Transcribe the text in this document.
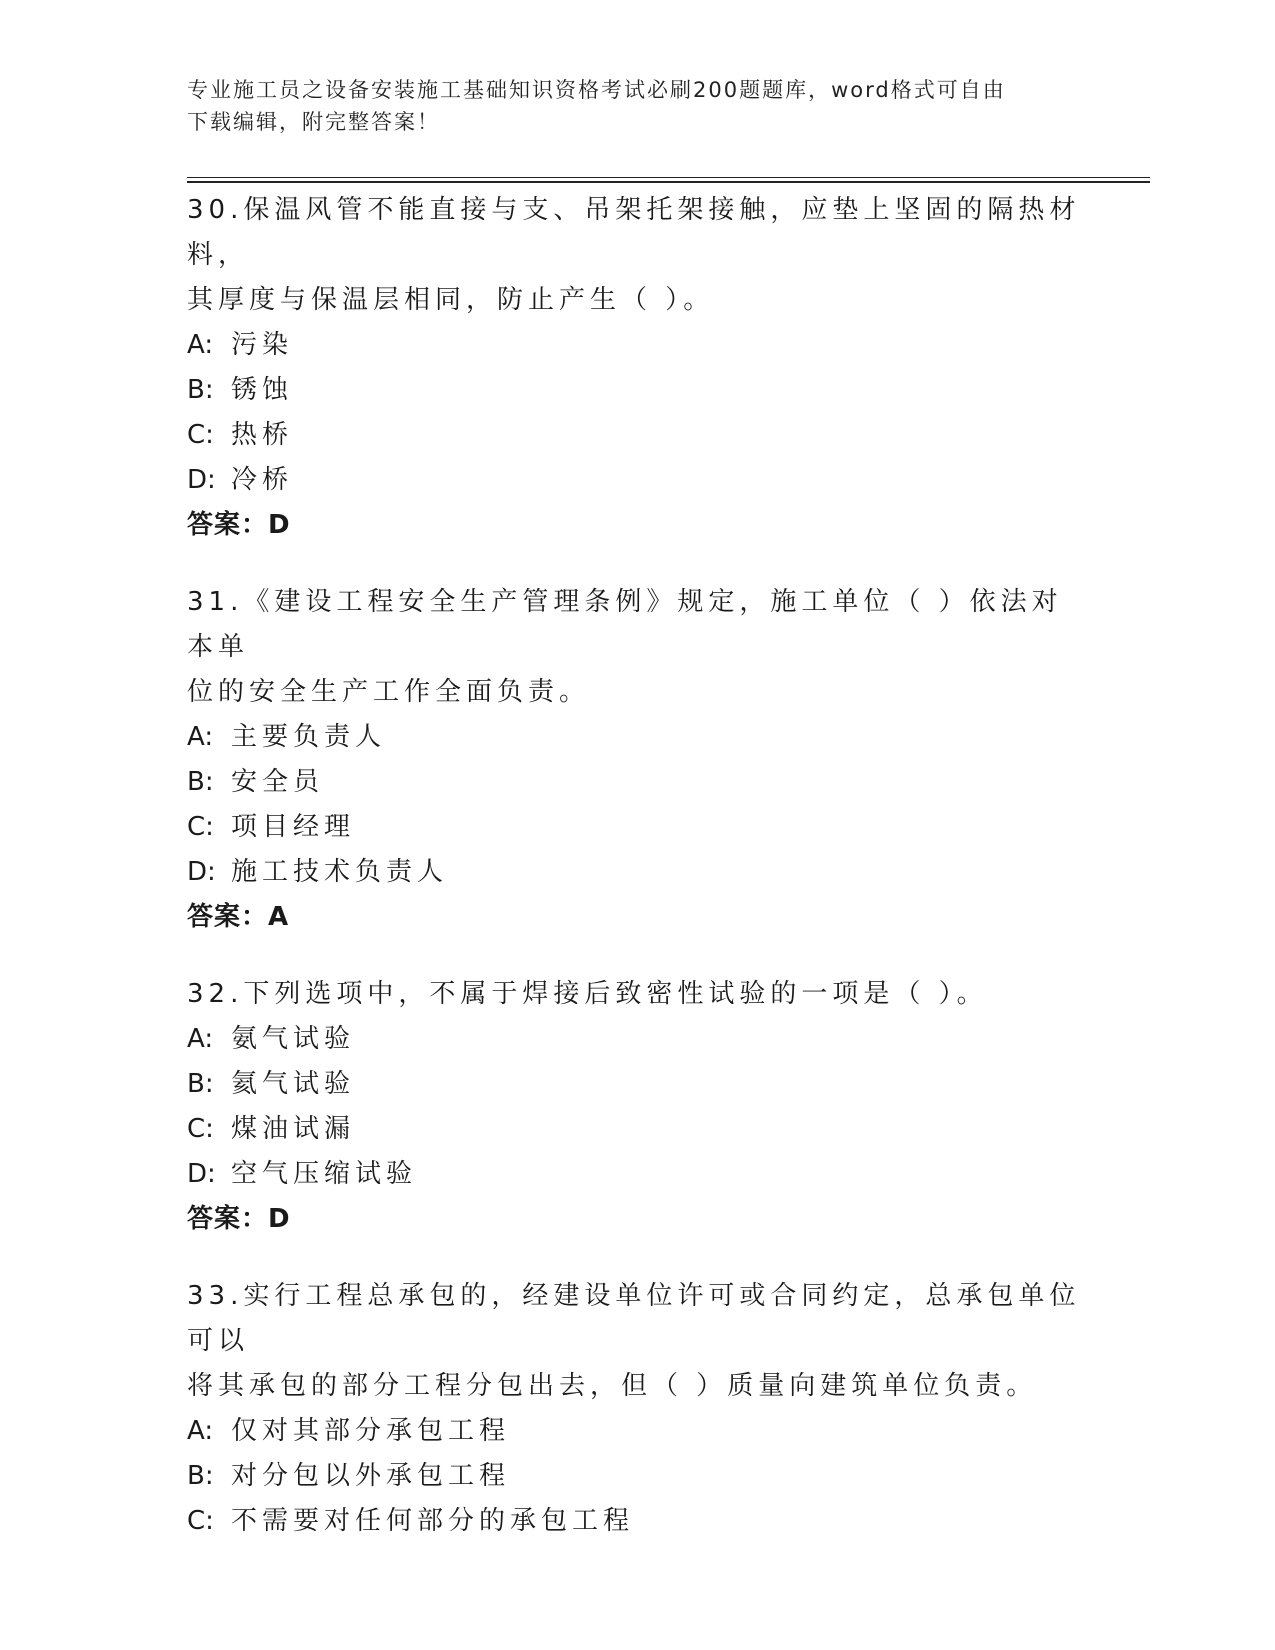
专业施工员之设备安装施工基础知识资格考试必刷200题题库，word格式可自由
下载编辑，附完整答案！

30.保温风管不能直接与支、吊架托架接触，应垫上坚固的隔热材料，

其厚度与保温层相同，防止产生（ ）。

A: 污染

B: 锈蚀

C: 热桥

D: 冷桥

答案：D

31.《建设工程安全生产管理条例》规定，施工单位（ ）依法对本单

位的安全生产工作全面负责。

A: 主要负责人

B: 安全员

C: 项目经理

D: 施工技术负责人

答案：A

32.下列选项中，不属于焊接后致密性试验的一项是（ ）。

A: 氨气试验

B: 氦气试验

C: 煤油试漏

D: 空气压缩试验

答案：D

33.实行工程总承包的，经建设单位许可或合同约定，总承包单位可以

将其承包的部分工程分包出去，但（ ）质量向建筑单位负责。

A: 仅对其部分承包工程

B: 对分包以外承包工程

C: 不需要对任何部分的承包工程
